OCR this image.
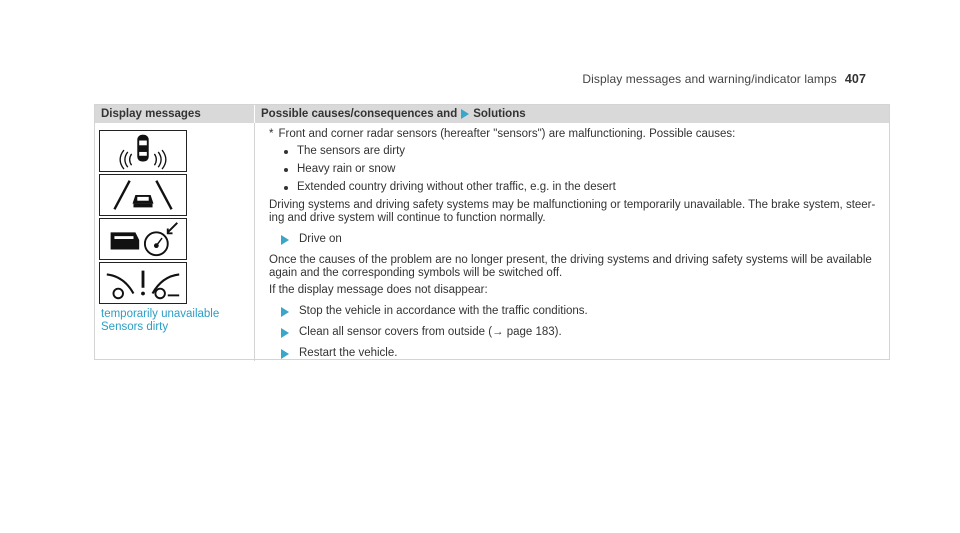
Display messages and warning/indicator lamps 407
Display messages	Possible causes/consequences and Solutions
temporarily unavailable
Sensors dirty
* Front and corner radar sensors (hereafter "sensors") are malfunctioning. Possible causes:
The sensors are dirty
Heavy rain or snow
Extended country driving without other traffic, e.g. in the desert
Driving systems and driving safety systems may be malfunctioning or temporarily unavailable. The brake system, steer-ing and drive system will continue to function normally.
Drive on
Once the causes of the problem are no longer present, the driving systems and driving safety systems will be available again and the corresponding symbols will be switched off.
If the display message does not disappear:
Stop the vehicle in accordance with the traffic conditions.
Clean all sensor covers from outside (→ page 183).
Restart the vehicle.
